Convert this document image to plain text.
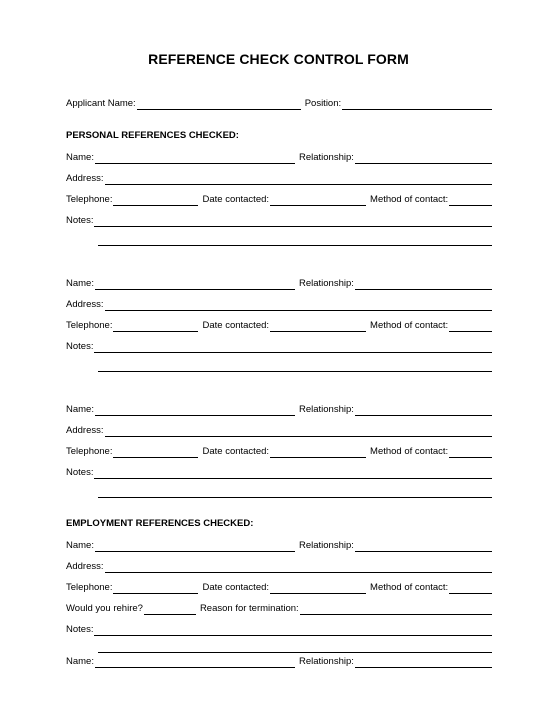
REFERENCE CHECK CONTROL FORM
Applicant Name:	Position:
PERSONAL REFERENCES CHECKED:
Name:	Relationship:
Address:
Telephone:	Date contacted:	Method of contact:
Notes:
Name:	Relationship:
Address:
Telephone:	Date contacted:	Method of contact:
Notes:
Name:	Relationship:
Address:
Telephone:	Date contacted:	Method of contact:
Notes:
EMPLOYMENT REFERENCES CHECKED:
Name:	Relationship:
Address:
Telephone:	Date contacted:	Method of contact:
Would you rehire?	Reason for termination:
Notes:
Name:	Relationship:
